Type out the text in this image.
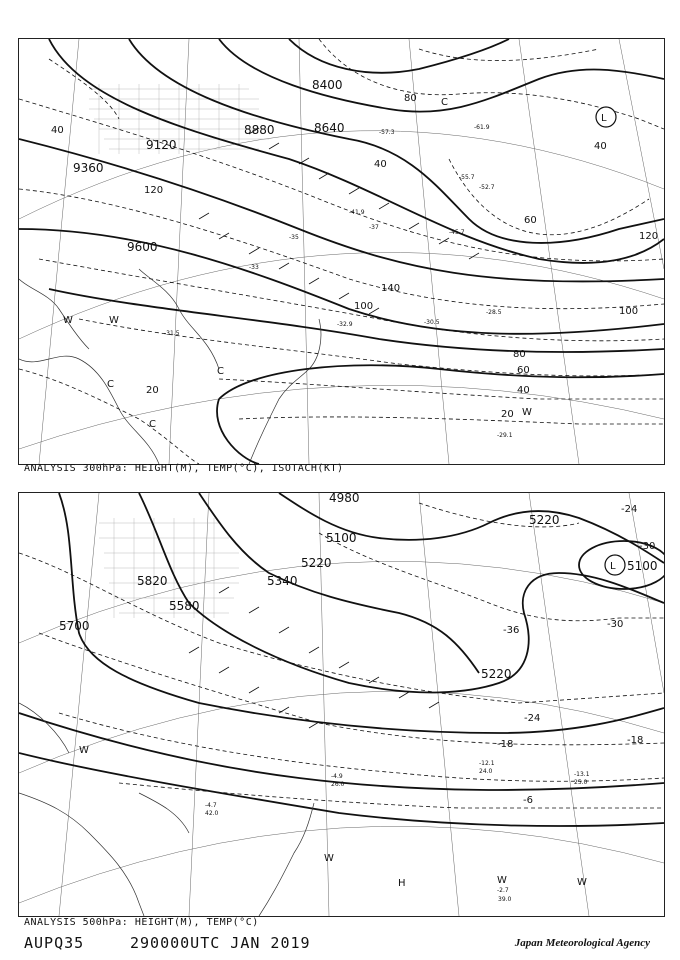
9360
9120
8880	8640
8400
9600
40
60
80
100
120
140
100
80
60
40
20
40
40
120
20
L
C
C
C
C
W	W
W
-29.1
-30.5
-28.5
-32.9
-31.5
-33
-35
-37
-41.9
-45.7
-52.7
-55.7
-57.3
-61.9
ANALYSIS 300hPa: HEIGHT(M), TEMP(°C), ISOTACH(KT)
5700
5580
5340
5220
5100
4980
5220
5100
5220
5820
-6
-18
-24
-30
-36
-24
-30
-18
L
H
W
W	W
W
-2.7
39.0
-4.7
42.0
-4.9
26.0
-13.1
25.0
-12.1
24.0
ANALYSIS 500hPa: HEIGHT(M), TEMP(°C)
AUPQ35	290000UTC JAN 2019	Japan Meteorological Agency
